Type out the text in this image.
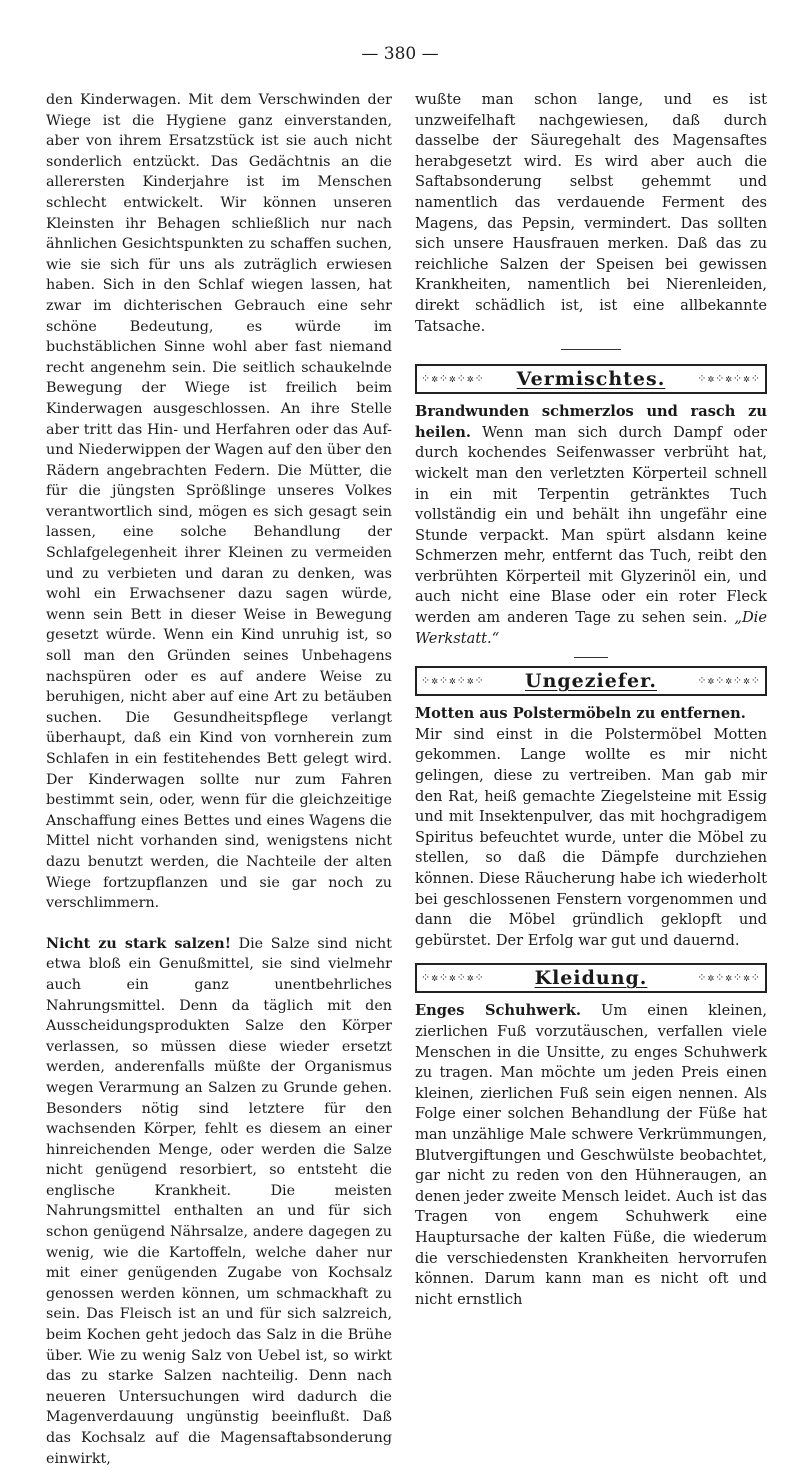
— 380 —

den Kinderwagen. Mit dem Verschwinden der Wiege ist die Hygiene ganz einverstanden, aber von ihrem Ersatzstück ist sie auch nicht sonderlich entzückt. Das Gedächtnis an die allerersten Kinderjahre ist im Menschen schlecht entwickelt. Wir können unseren Kleinsten ihr Behagen schließlich nur nach ähnlichen Gesichtspunkten zu schaffen suchen, wie sie sich für uns als zuträglich erwiesen haben. Sich in den Schlaf wiegen lassen, hat zwar im dichterischen Gebrauch eine sehr schöne Bedeutung, es würde im buchstäblichen Sinne wohl aber fast niemand recht angenehm sein. Die seitlich schaukelnde Bewegung der Wiege ist freilich beim Kinderwagen ausgeschlossen. An ihre Stelle aber tritt das Hin- und Herfahren oder das Auf- und Niederwippen der Wagen auf den über den Rädern angebrachten Federn. Die Mütter, die für die jüngsten Sprößlinge unseres Volkes verantwortlich sind, mögen es sich gesagt sein lassen, eine solche Behandlung der Schlafgelegenheit ihrer Kleinen zu vermeiden und zu verbieten und daran zu denken, was wohl ein Erwachsener dazu sagen würde, wenn sein Bett in dieser Weise in Bewegung gesetzt würde. Wenn ein Kind unruhig ist, so soll man den Gründen seines Unbehagens nachspüren oder es auf andere Weise zu beruhigen, nicht aber auf eine Art zu betäuben suchen. Die Gesundheitspflege verlangt überhaupt, daß ein Kind von vornherein zum Schlafen in ein festitehendes Bett gelegt wird. Der Kinderwagen sollte nur zum Fahren bestimmt sein, oder, wenn für die gleichzeitige Anschaffung eines Bettes und eines Wagens die Mittel nicht vorhanden sind, wenigstens nicht dazu benutzt werden, die Nachteile der alten Wiege fortzupflanzen und sie gar noch zu verschlimmern.

Nicht zu stark salzen! Die Salze sind nicht etwa bloß ein Genußmittel, sie sind vielmehr auch ein ganz unentbehrliches Nahrungsmittel. Denn da täglich mit den Ausscheidungsprodukten Salze den Körper verlassen, so müssen diese wieder ersetzt werden, anderenfalls müßte der Organismus wegen Verarmung an Salzen zu Grunde gehen. Besonders nötig sind letztere für den wachsenden Körper, fehlt es diesem an einer hinreichenden Menge, oder werden die Salze nicht genügend resorbiert, so entsteht die englische Krankheit. Die meisten Nahrungsmittel enthalten an und für sich schon genügend Nährsalze, andere dagegen zu wenig, wie die Kartoffeln, welche daher nur mit einer genügenden Zugabe von Kochsalz genossen werden können, um schmackhaft zu sein. Das Fleisch ist an und für sich salzreich, beim Kochen geht jedoch das Salz in die Brühe über. Wie zu wenig Salz von Uebel ist, so wirkt das zu starke Salzen nachteilig. Denn nach neueren Untersuchungen wird dadurch die Magenverdauung ungünstig beeinflußt. Daß das Kochsalz auf die Magensaftabsonderung einwirkt,

wußte man schon lange, und es ist unzweifelhaft nachgewiesen, daß durch dasselbe der Säuregehalt des Magensaftes herabgesetzt wird. Es wird aber auch die Saftabsonderung selbst gehemmt und namentlich das verdauende Ferment des Magens, das Pepsin, vermindert. Das sollten sich unsere Hausfrauen merken. Daß das zu reichliche Salzen der Speisen bei gewissen Krankheiten, namentlich bei Nierenleiden, direkt schädlich ist, ist eine allbekannte Tatsache.

⁘✲⁘✲⁘✲⁘ Vermischtes.	⁘✲⁘✲⁘✲⁘

Brandwunden schmerzlos und rasch zu heilen. Wenn man sich durch Dampf oder durch kochendes Seifenwasser verbrüht hat, wickelt man den verletzten Körperteil schnell in ein mit Terpentin getränktes Tuch vollständig ein und behält ihn ungefähr eine Stunde verpackt. Man spürt alsdann keine Schmerzen mehr, entfernt das Tuch, reibt den verbrühten Körperteil mit Glyzerinöl ein, und auch nicht eine Blase oder ein roter Fleck werden am anderen Tage zu sehen sein. „Die Werkstatt.“

⁘✲⁘✲⁘✲⁘ Ungeziefer.	⁘✲⁘✲⁘✲⁘

Motten aus Polstermöbeln zu entfernen.

Mir sind einst in die Polstermöbel Motten gekommen. Lange wollte es mir nicht gelingen, diese zu vertreiben. Man gab mir den Rat, heiß gemachte Ziegelsteine mit Essig und mit Insektenpulver, das mit hochgradigem Spiritus befeuchtet wurde, unter die Möbel zu stellen, so daß die Dämpfe durchziehen können. Diese Räucherung habe ich wiederholt bei geschlossenen Fenstern vorgenommen und dann die Möbel gründlich geklopft und gebürstet. Der Erfolg war gut und dauernd.

⁘✲⁘✲⁘✲⁘	Kleidung.	⁘✲⁘✲⁘✲⁘

Enges Schuhwerk. Um einen kleinen, zierlichen Fuß vorzutäuschen, verfallen viele Menschen in die Unsitte, zu enges Schuhwerk zu tragen. Man möchte um jeden Preis einen kleinen, zierlichen Fuß sein eigen nennen. Als Folge einer solchen Behandlung der Füße hat man unzählige Male schwere Verkrümmungen, Blutvergiftungen und Geschwülste beobachtet, gar nicht zu reden von den Hühneraugen, an denen jeder zweite Mensch leidet. Auch ist das Tragen von engem Schuhwerk eine Hauptursache der kalten Füße, die wiederum die verschiedensten Krankheiten hervorrufen können. Darum kann man es nicht oft und nicht ernstlich
